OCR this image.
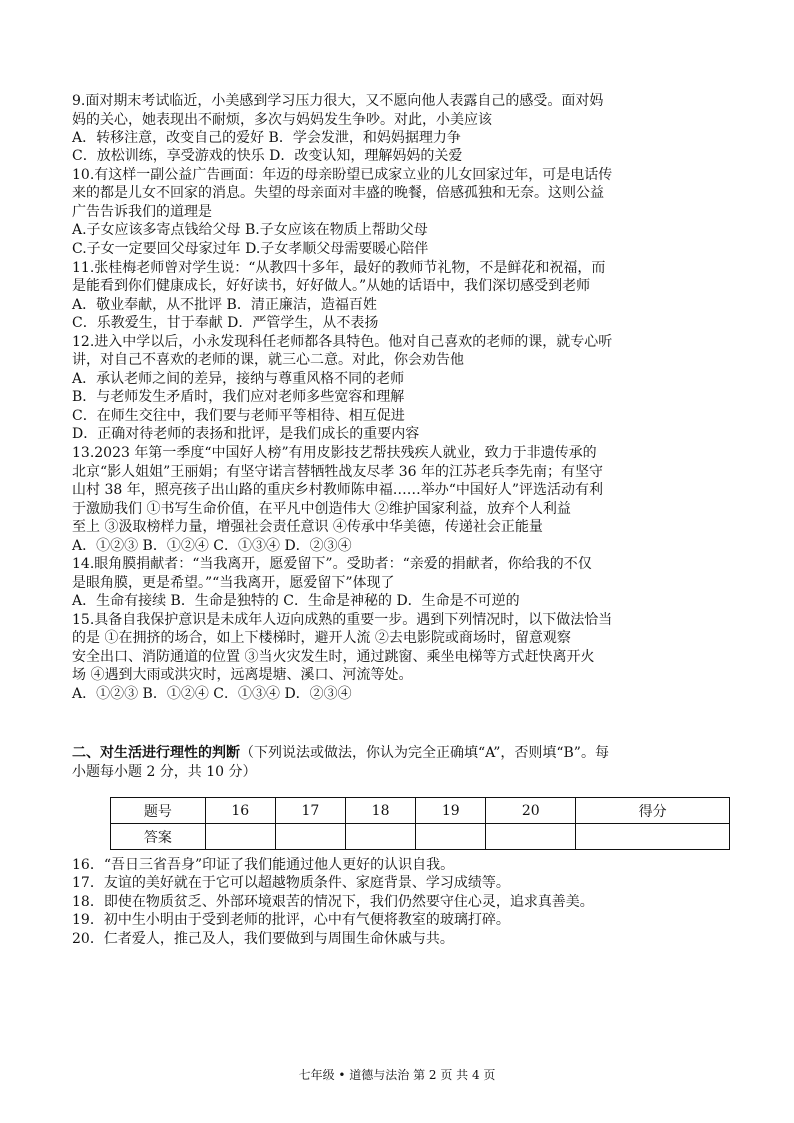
9.面对期末考试临近，小美感到学习压力很大，又不愿向他人表露自己的感受。面对妈
妈的关心，她表现出不耐烦，多次与妈妈发生争吵。对此，小美应该
A．转移注意，改变自己的爱好 B．学会发泄，和妈妈据理力争
C．放松训练，享受游戏的快乐 D．改变认知，理解妈妈的关爱
10.有这样一副公益广告画面：年迈的母亲盼望已成家立业的儿女回家过年，可是电话传
来的都是儿女不回家的消息。失望的母亲面对丰盛的晚餐，倍感孤独和无奈。这则公益
广告告诉我们的道理是
A.子女应该多寄点钱给父母 B.子女应该在物质上帮助父母
C.子女一定要回父母家过年 D.子女孝顺父母需要暖心陪伴
11.张桂梅老师曾对学生说：“从教四十多年，最好的教师节礼物，不是鲜花和祝福，而
是能看到你们健康成长，好好读书，好好做人。”从她的话语中，我们深切感受到老师
A．敬业奉献，从不批评 B．清正廉洁，造福百姓
C．乐教爱生，甘于奉献 D．严管学生，从不表扬
12.进入中学以后，小永发现科任老师都各具特色。他对自己喜欢的老师的课，就专心听
讲，对自己不喜欢的老师的课，就三心二意。对此，你会劝告他
A．承认老师之间的差异，接纳与尊重风格不同的老师
B．与老师发生矛盾时，我们应对老师多些宽容和理解
C．在师生交往中，我们要与老师平等相待、相互促进
D．正确对待老师的表扬和批评，是我们成长的重要内容
13.2023 年第一季度“中国好人榜”有用皮影技艺帮扶残疾人就业，致力于非遗传承的
北京“影人姐姐”王丽娟；有坚守诺言替牺牲战友尽孝 36 年的江苏老兵李先南；有坚守
山村 38 年，照亮孩子出山路的重庆乡村教师陈申福……举办“中国好人”评选活动有利
于激励我们 ①书写生命价值，在平凡中创造伟大 ②维护国家利益，放弃个人利益
至上 ③汲取榜样力量，增强社会责任意识 ④传承中华美德，传递社会正能量
A．①②③ B．①②④ C．①③④ D．②③④
14.眼角膜捐献者：“当我离开，愿爱留下”。受助者：“亲爱的捐献者，你给我的不仅
是眼角膜，更是希望。”“当我离开，愿爱留下”体现了
A．生命有接续 B．生命是独特的 C．生命是神秘的 D．生命是不可逆的
15.具备自我保护意识是未成年人迈向成熟的重要一步。遇到下列情况时，以下做法恰当
的是 ①在拥挤的场合，如上下楼梯时，避开人流 ②去电影院或商场时，留意观察
安全出口、消防通道的位置 ③当火灾发生时，通过跳窗、乘坐电梯等方式赶快离开火
场 ④遇到大雨或洪灾时，远离堤塘、溪口、河流等处。
A．①②③ B．①②④ C．①③④ D．②③④
二、对生活进行理性的判断（下列说法或做法，你认为完全正确填“A”，否则填“B”。每
小题每小题 2 分，共 10 分）
题号	16	17	18	19	20	得分
答案						
16．“吾日三省吾身”印证了我们能通过他人更好的认识自我。
17．友谊的美好就在于它可以超越物质条件、家庭背景、学习成绩等。
18．即使在物质贫乏、外部环境艰苦的情况下，我们仍然要守住心灵，追求真善美。
19．初中生小明由于受到老师的批评，心中有气便将教室的玻璃打碎。
20．仁者爱人，推己及人，我们要做到与周围生命休戚与共。
七年级 • 道德与法治 第 2 页 共 4 页
